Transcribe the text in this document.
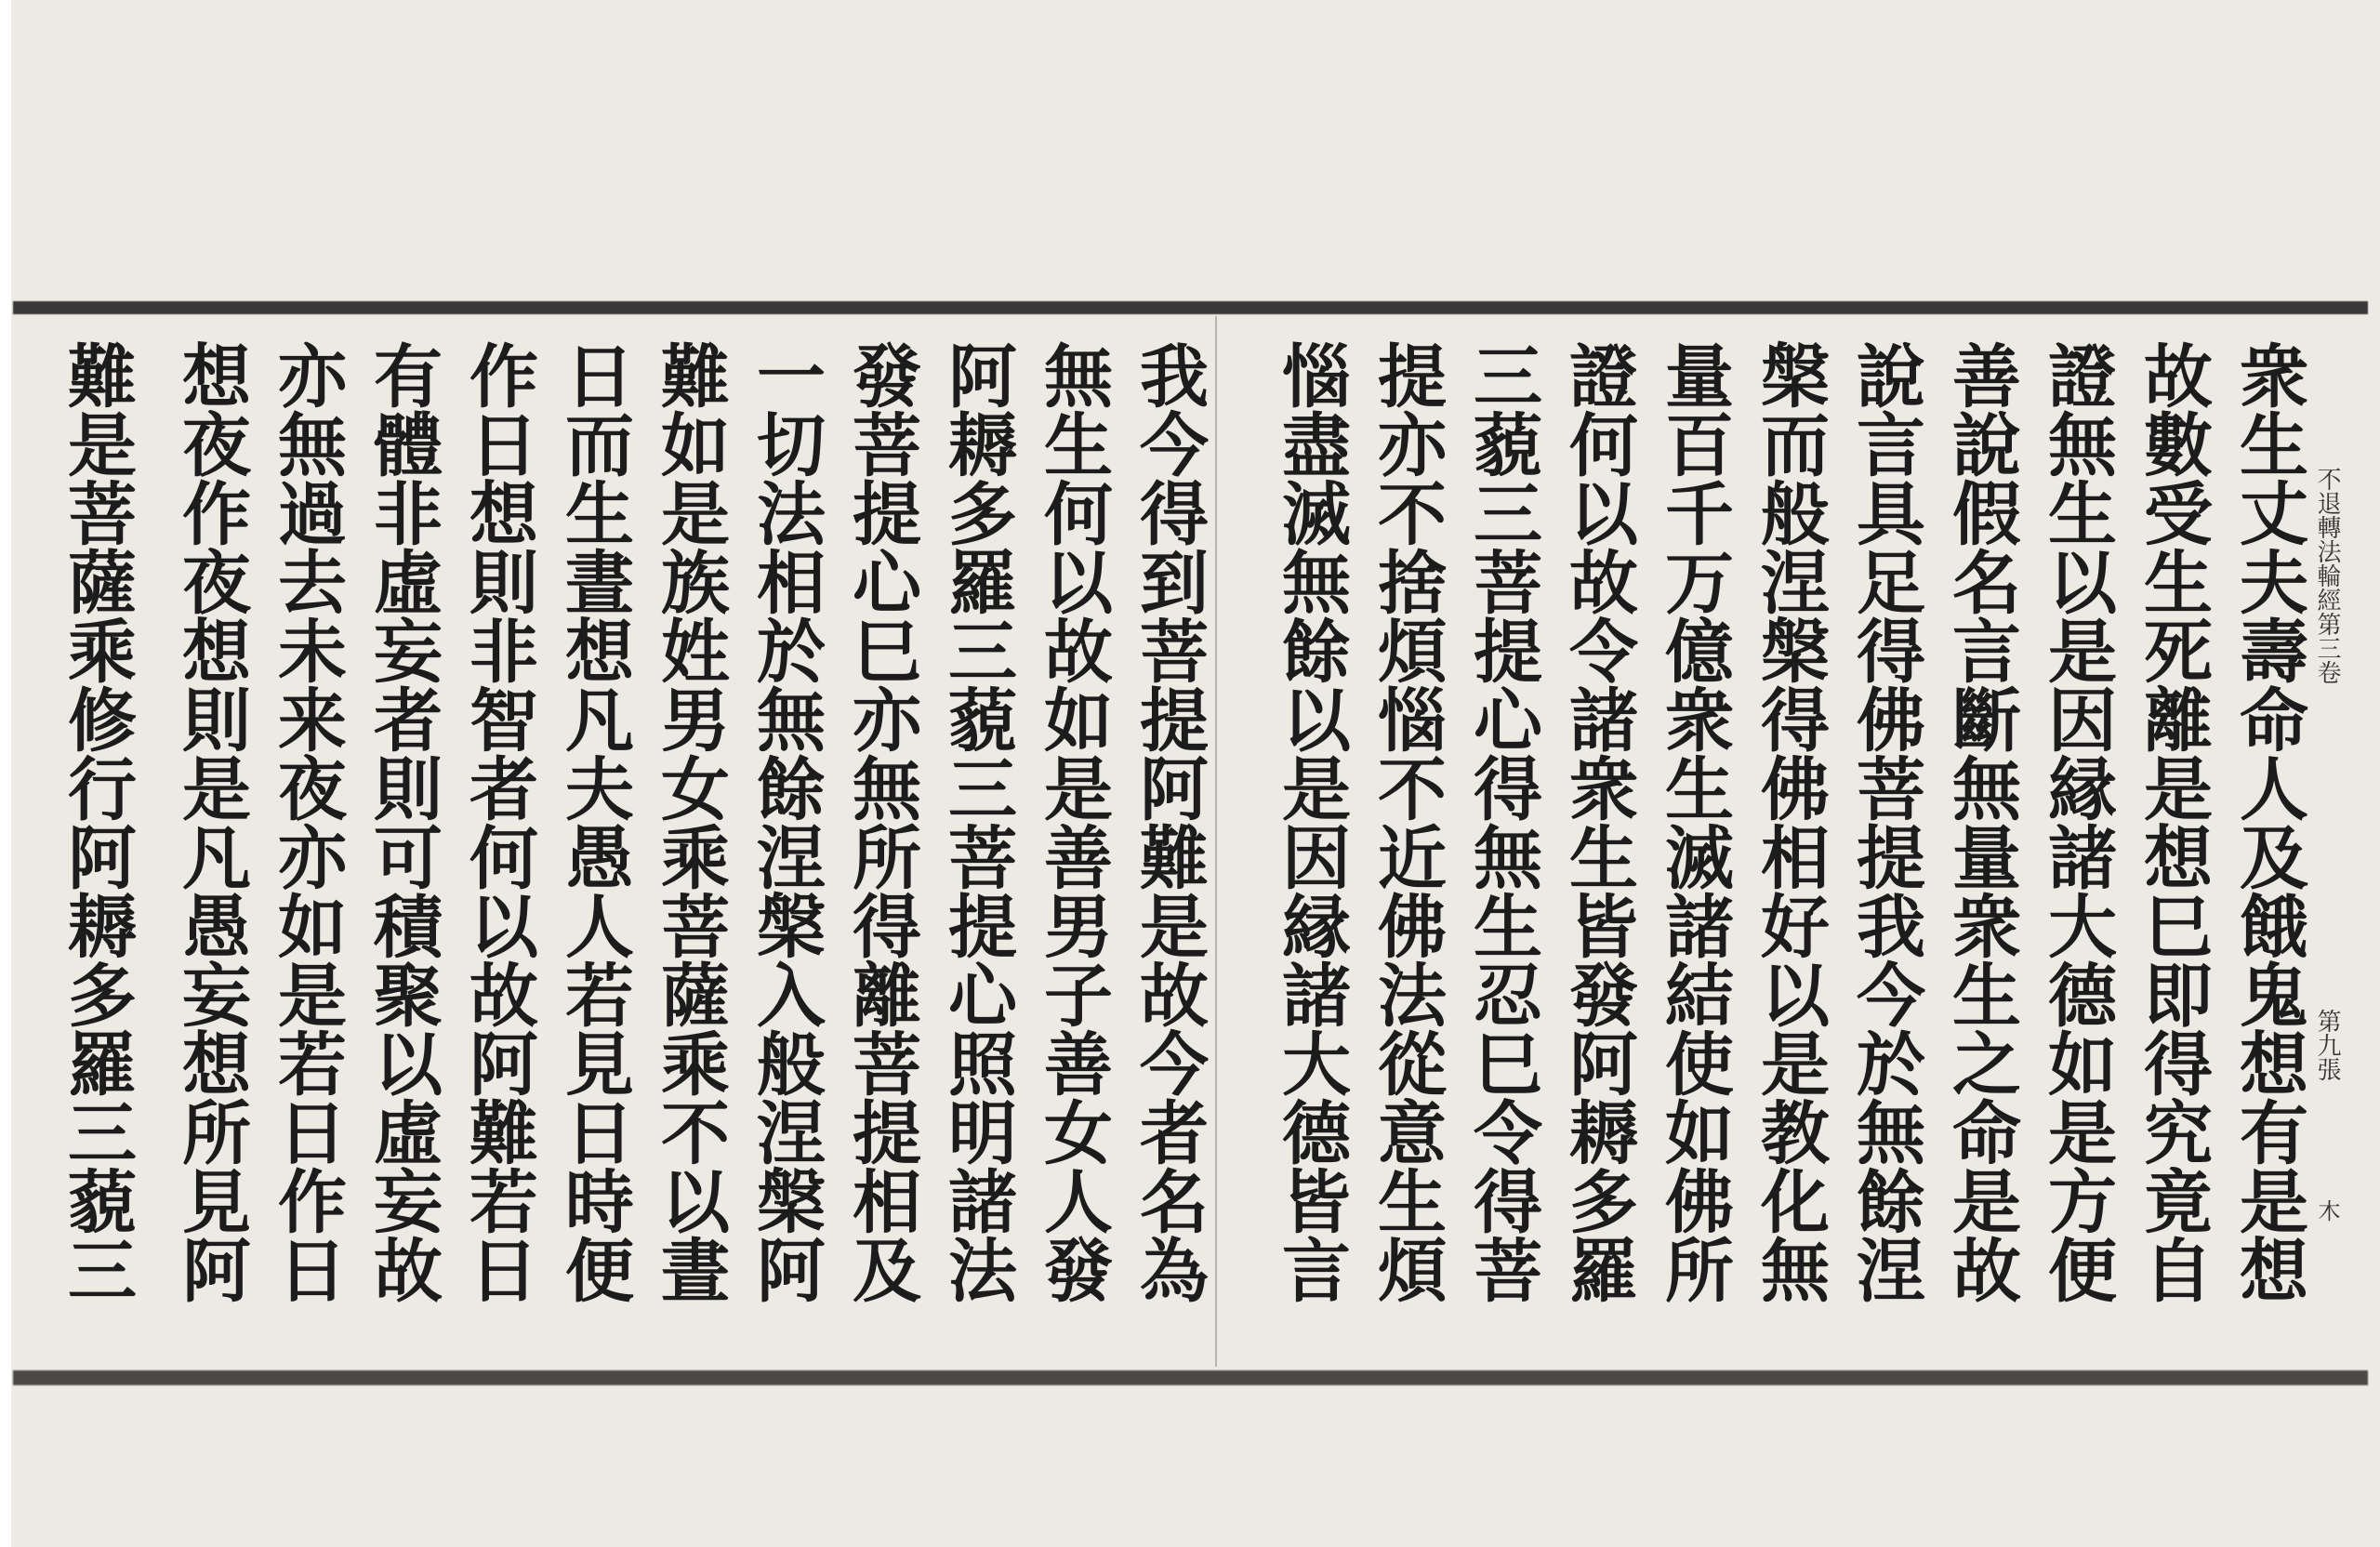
衆生丈夫壽命人及餓鬼想有是想
故數受生死離是想巳即得究竟自
證無生以是因縁諸大德如是方便
善說假名言斷無量衆生之命是故
說言具足得佛菩提我今於無餘涅
槃而般涅槃得佛相好以是教化無
量百千万億衆生滅諸結使如佛所
證何以故令諸衆生皆發阿耨多羅
三藐三菩提心得無生忍巳令得菩
提亦不捨煩惱不近佛法從意生煩
惱盡滅無餘以是因縁諸大德皆言
我今得到菩提阿難是故今者名為
無生何以故如是善男子善女人發
阿耨多羅三藐三菩提心照明諸法
發菩提心巳亦無所得離菩提相及
一切法相於無餘涅槃入般涅槃阿
難如是族姓男女乘菩薩乘不以晝
日而生晝想凡夫愚人若見日時便
作日想則非智者何以故阿難若日
有體非虛妄者則可積聚以虛妄故
亦無過去未来夜亦如是若日作日
想夜作夜想則是凡愚妄想所見阿
難是菩薩乘修行阿耨多羅三藐三	不退轉法輪經第三卷
第九張
木
